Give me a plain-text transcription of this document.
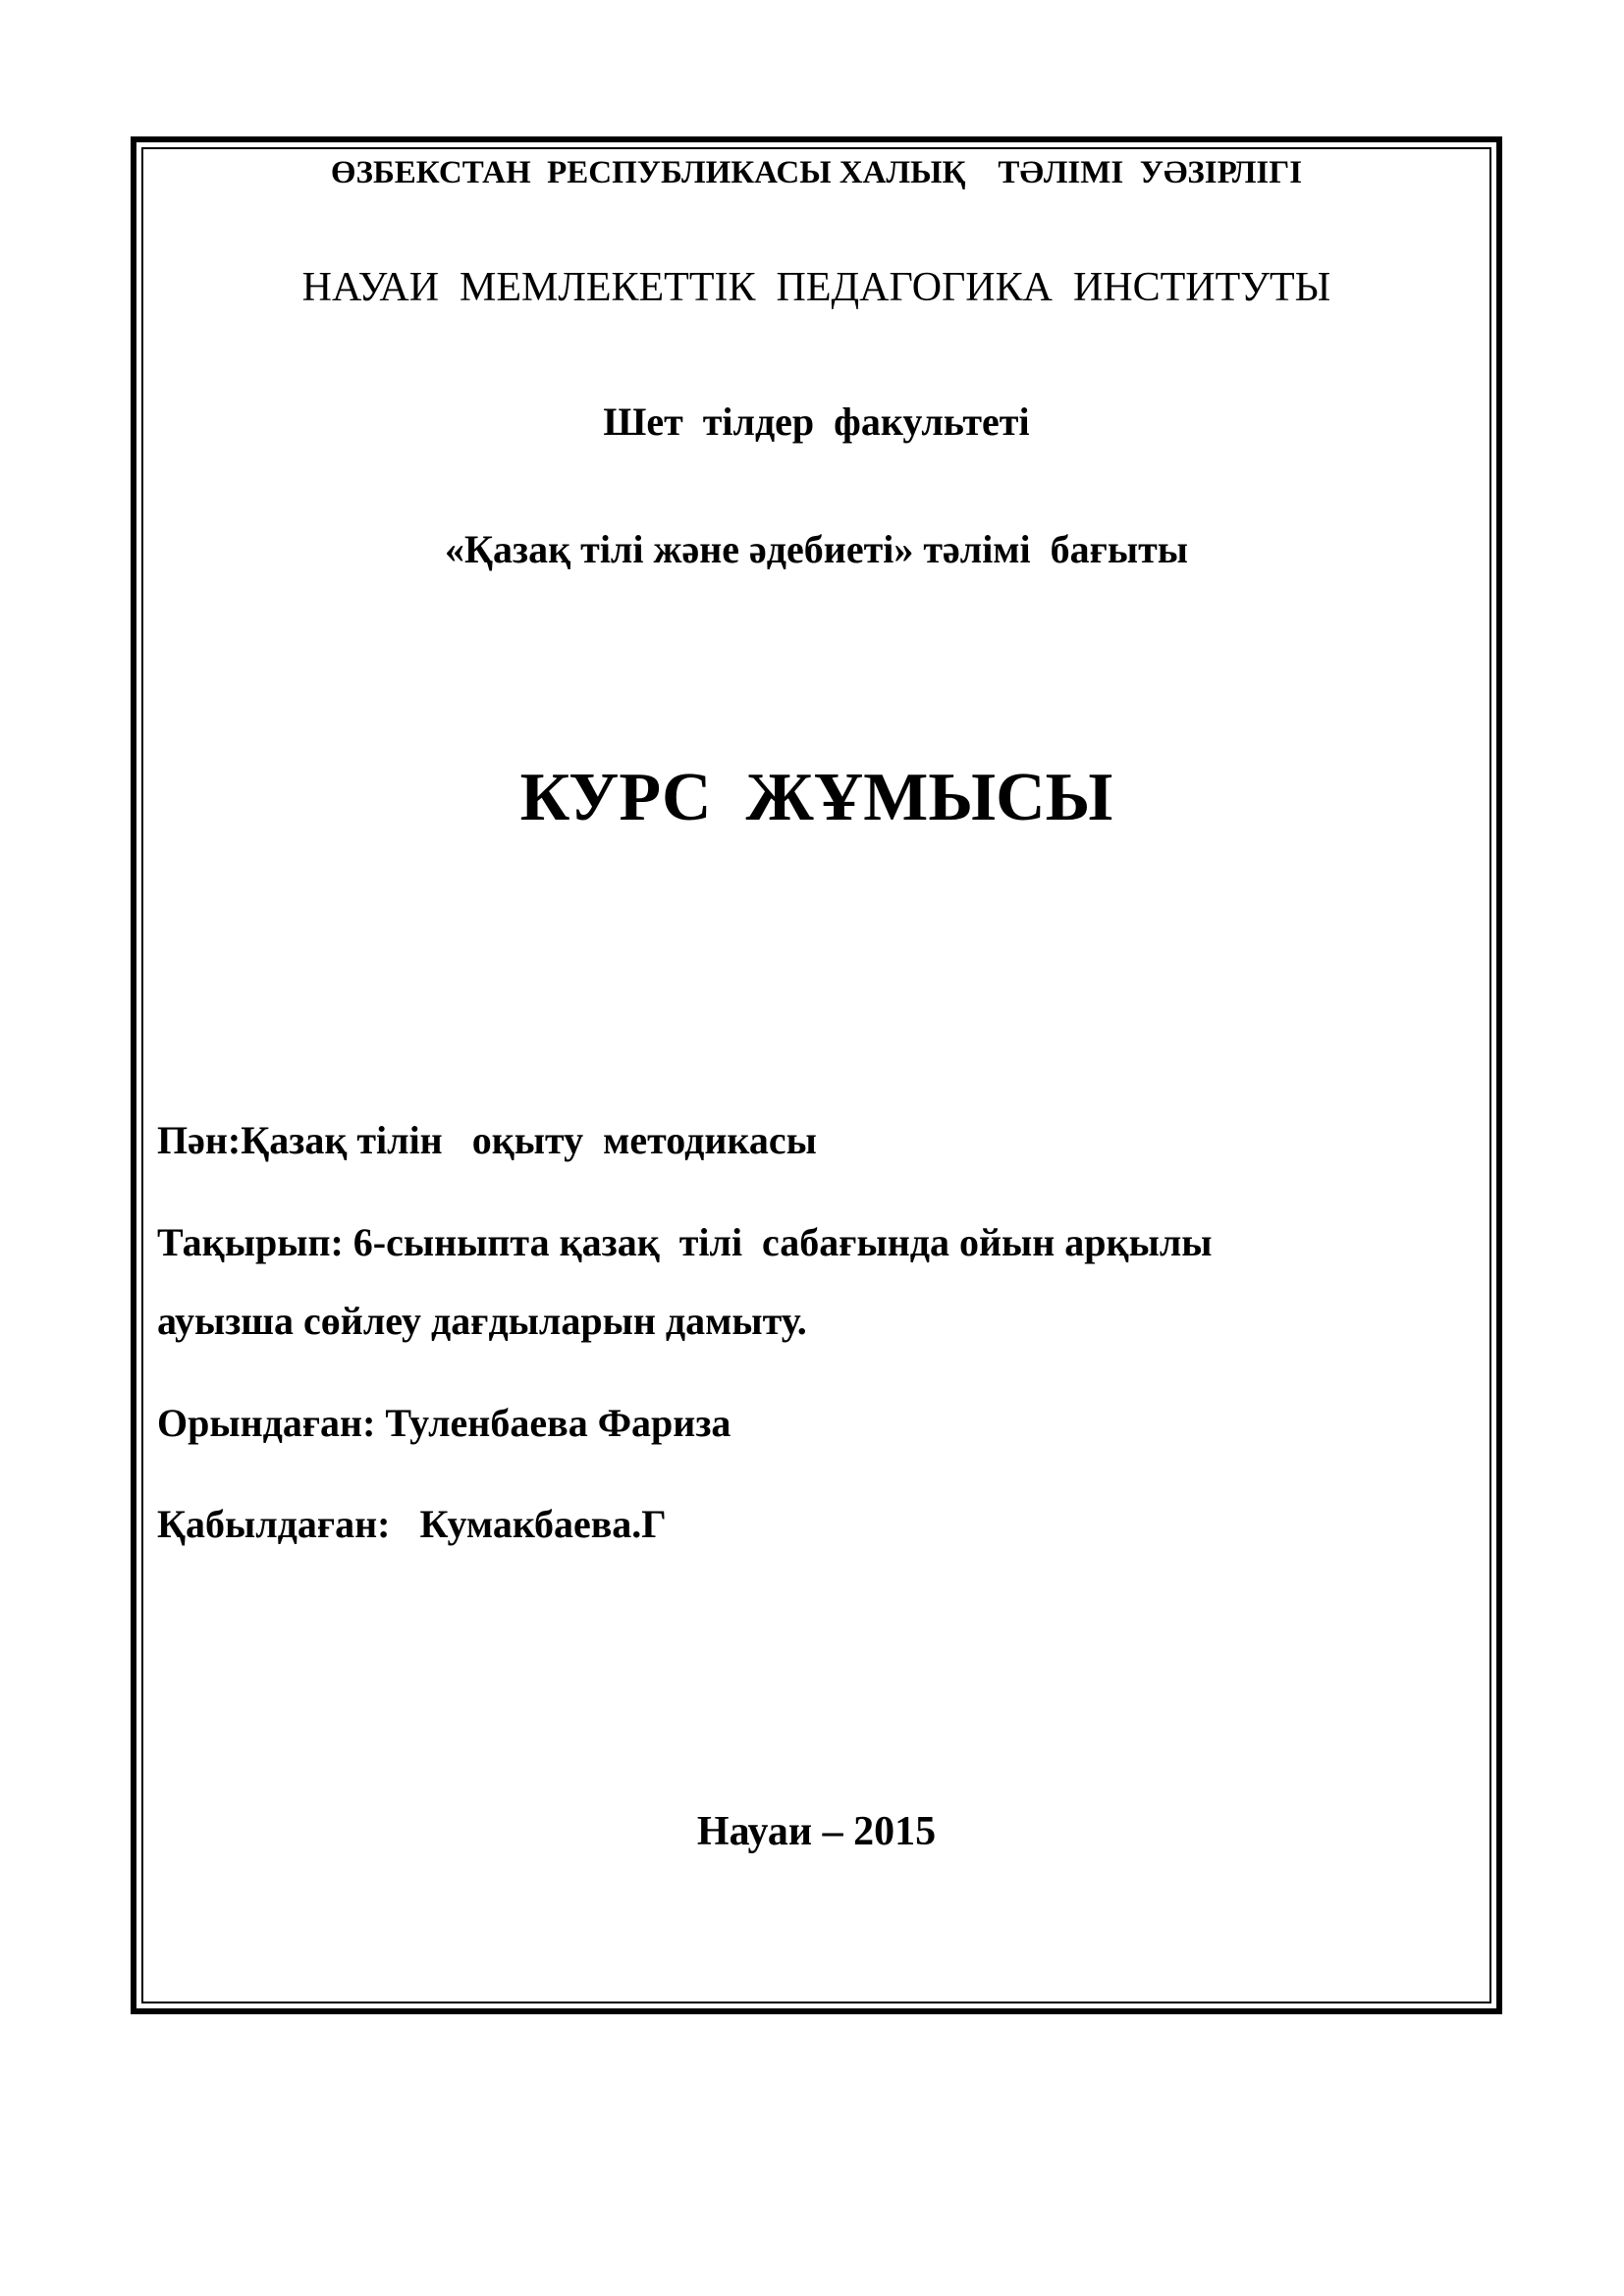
ӨЗБЕКСТАН  РЕСПУБЛИКАСЫ ХАЛЫҚ    ТӘЛІМІ  УӘЗІРЛІГІ
НАУАИ  МЕМЛЕКЕТТІК  ПЕДАГОГИКА  ИНСТИТУТЫ
Шет  тілдер  факультеті
«Қазақ тілі және әдебиеті» тәлімі  бағыты
КУРС  ЖҰМЫСЫ
Пән:Қазақ тілін   оқыту  методикасы
Тақырып: 6-сыныпта қазақ  тілі  сабағында ойын арқылы
ауызша сөйлеу дағдыларын дамыту.
Орындаған: Туленбаева Фариза
Қабылдаған:   Кумакбаева.Г
Науаи – 2015
